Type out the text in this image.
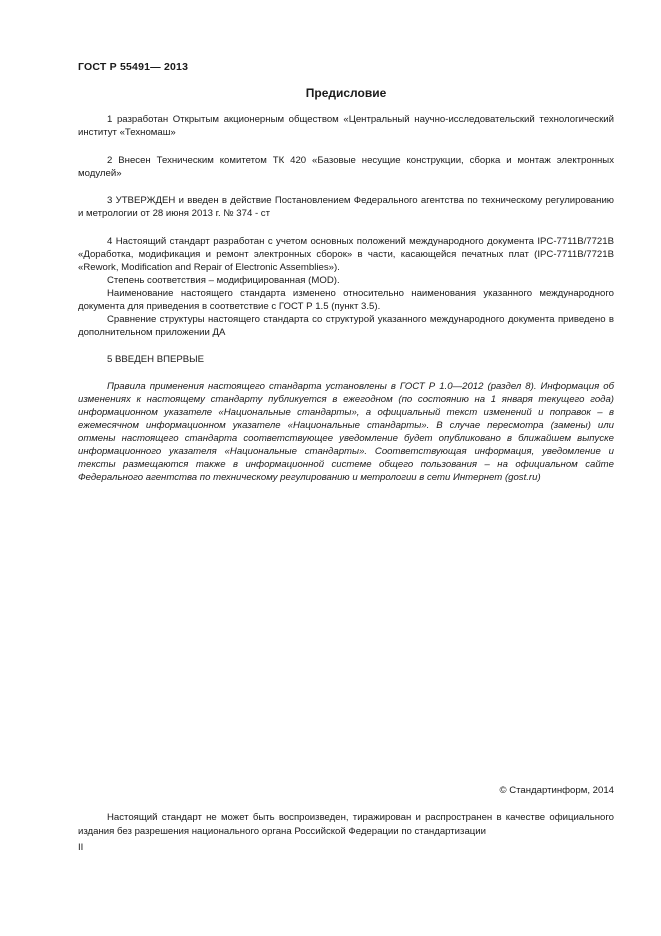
ГОСТ Р 55491— 2013
Предисловие

1 разработан Открытым акционерным обществом «Центральный научно-исследовательский технологический институт «Техномаш»

2 Внесен Техническим комитетом ТК 420 «Базовые несущие конструкции, сборка и монтаж электронных модулей»

3 УТВЕРЖДЕН и введен в действие Постановлением Федерального агентства по техническому регулированию и метрологии от 28 июня 2013 г. № 374 - ст

4 Настоящий стандарт разработан с учетом основных положений международного документа IPC-7711B/7721B «Доработка, модификация и ремонт электронных сборок» в части, касающейся печатных плат (IPC-7711B/7721B «Rework, Modification and Repair of Electronic Assemblies»).

Степень соответствия – модифицированная (MOD).

Наименование настоящего стандарта изменено относительно наименования указанного международного документа для приведения в соответствие с ГОСТ Р 1.5 (пункт 3.5).

Сравнение структуры настоящего стандарта со структурой указанного международного документа приведено в дополнительном приложении ДА

5 ВВЕДЕН ВПЕРВЫЕ

Правила применения настоящего стандарта установлены в ГОСТ Р 1.0—2012 (раздел 8). Информация об изменениях к настоящему стандарту публикуется в ежегодном (по состоянию на 1 января текущего года) информационном указателе «Национальные стандарты», а официальный текст изменений и поправок – в ежемесячном информационном указателе «Национальные стандарты». В случае пересмотра (замены) или отмены настоящего стандарта соответствующее уведомление будет опубликовано в ближайшем выпуске информационного указателя «Национальные стандарты». Соответствующая информация, уведомление и тексты размещаются также в информационной системе общего пользования – на официальном сайте Федерального агентства по техническому регулированию и метрологии в сети Интернет (gost.ru)

© Стандартинформ, 2014

Настоящий стандарт не может быть воспроизведен, тиражирован и распространен в качестве официального издания без разрешения национального органа Российской Федерации по стандартизации

II
